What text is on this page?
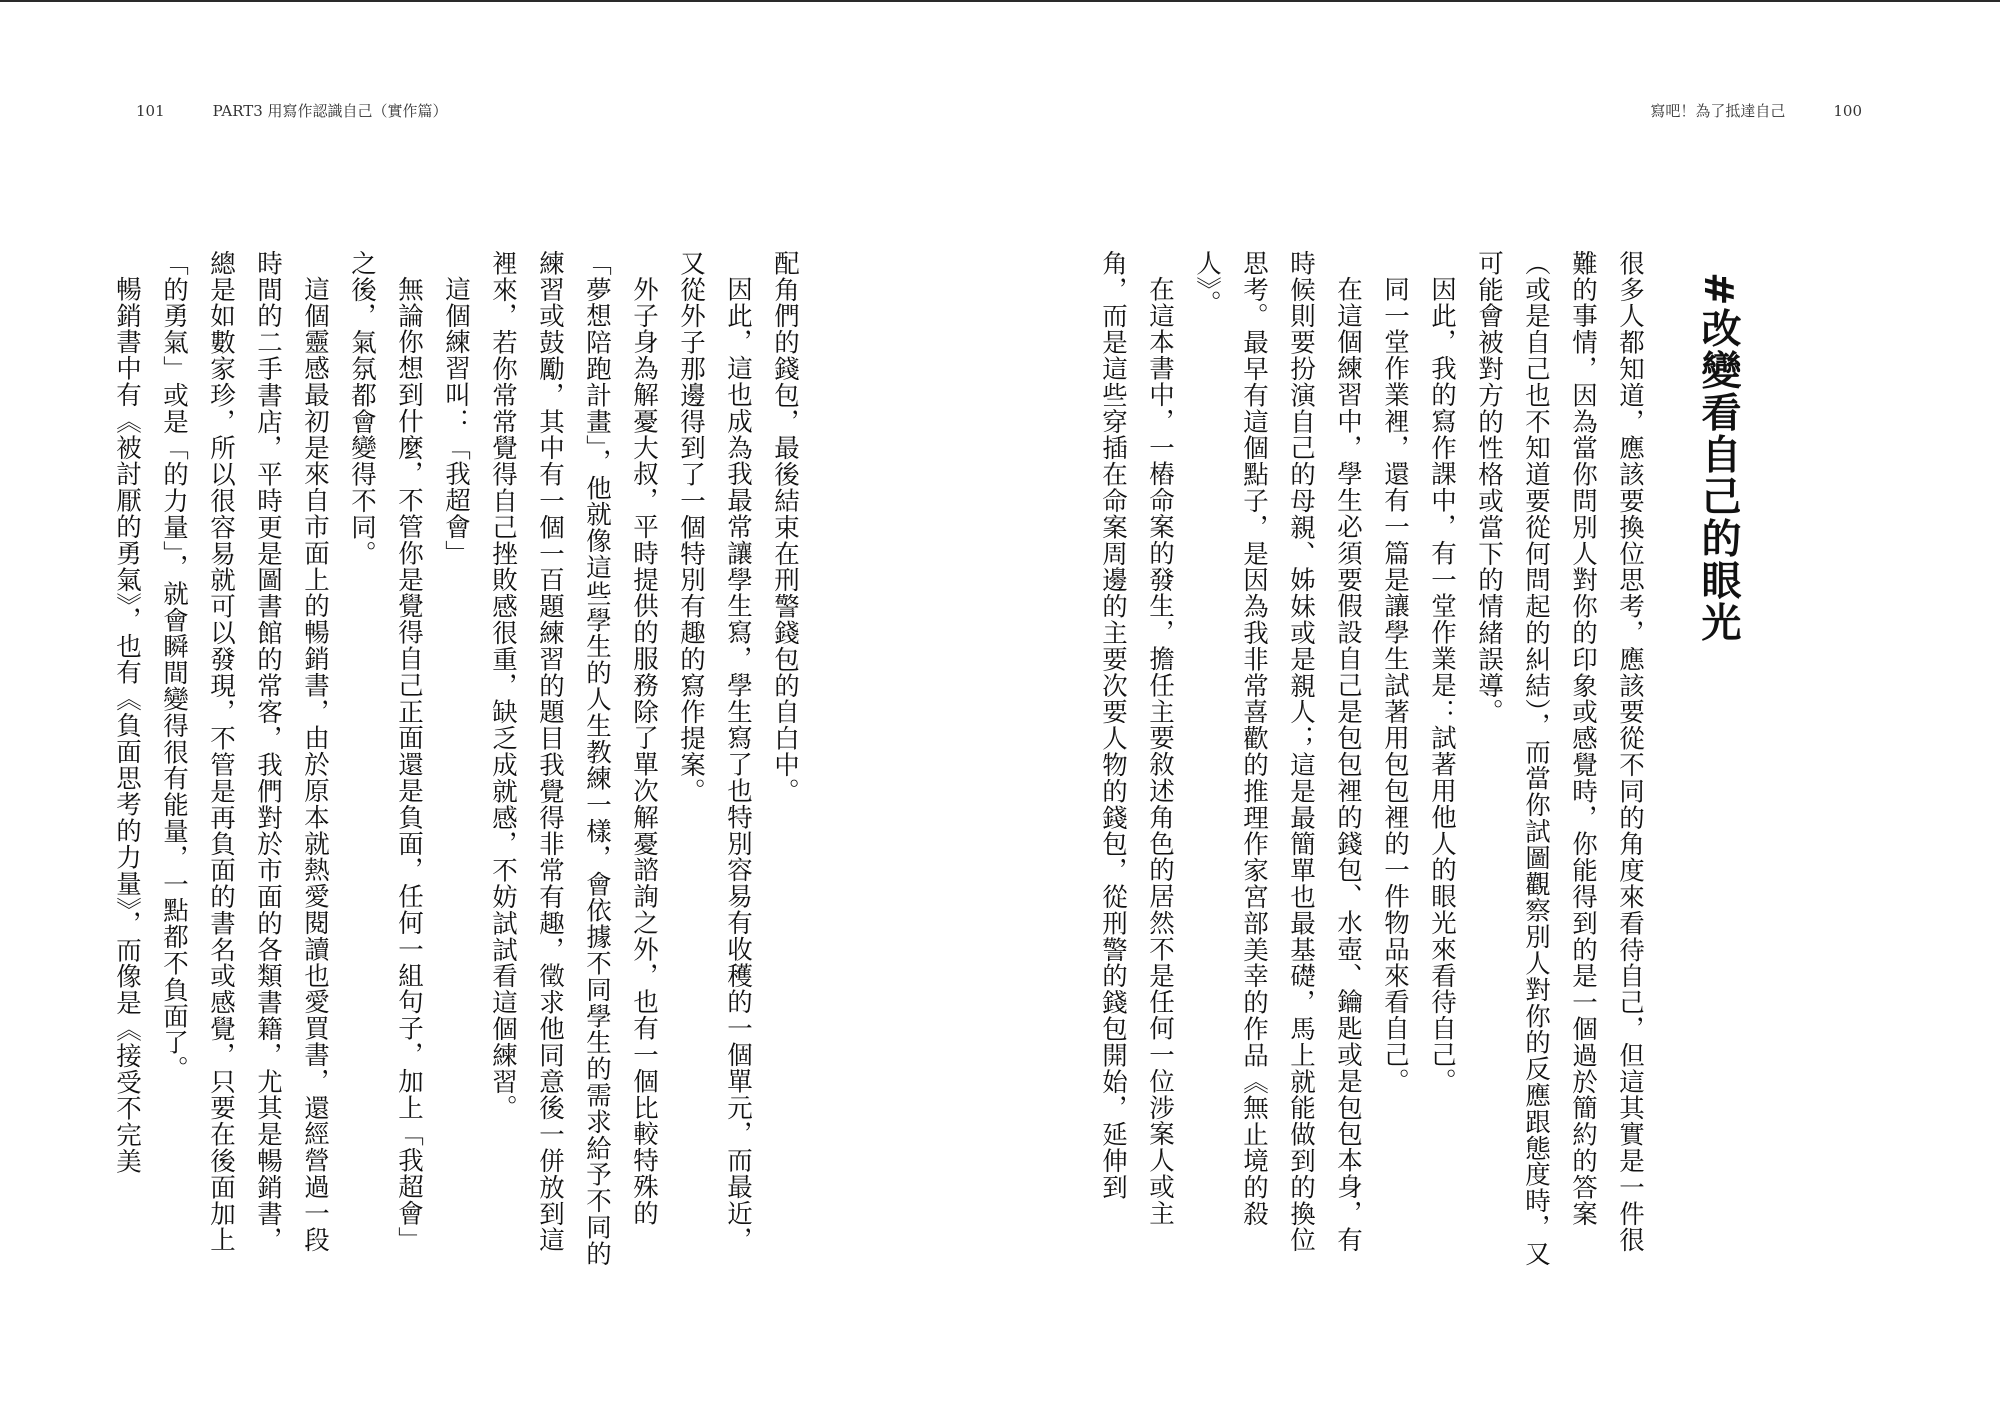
101	PART3 用寫作認識自己（實作篇）	寫吧！為了抵達自己	100
#改變看自己的眼光

很多人都知道，應該要換位思考，應該要從不同的角度來看待自己，但這其實是一件很難的事情，因為當你問別人對你的印象或感覺時，你能得到的是一個過於簡約的答案（或是自己也不知道要從何問起的糾結），而當你試圖觀察別人對你的反應跟態度時，又可能會被對方的性格或當下的情緒誤導。

因此，我的寫作課中，有一堂作業是：試著用他人的眼光來看待自己。

同一堂作業裡，還有一篇是讓學生試著用包包裡的一件物品來看自己。

在這個練習中，學生必須要假設自己是包包裡的錢包、水壺、鑰匙或是包包本身，有時候則要扮演自己的母親、姊妹或是親人；這是最簡單也最基礎，馬上就能做到的換位思考。最早有這個點子，是因為我非常喜歡的推理作家宮部美幸的作品《無止境的殺人》。

在這本書中，一樁命案的發生，擔任主要敘述角色的居然不是任何一位涉案人或主角，而是這些穿插在命案周邊的主要次要人物的錢包，從刑警的錢包開始，延伸到

配角們的錢包，最後結束在刑警錢包的自白中。

因此，這也成為我最常讓學生寫，學生寫了也特別容易有收穫的一個單元，而最近，又從外子那邊得到了一個特別有趣的寫作提案。

外子身為解憂大叔，平時提供的服務除了單次解憂諮詢之外，也有一個比較特殊的「夢想陪跑計畫」，他就像這些學生的人生教練一樣，會依據不同學生的需求給予不同的練習或鼓勵，其中有一個一百題練習的題目我覺得非常有趣，徵求他同意後一併放到這裡來，若你常常覺得自己挫敗感很重，缺乏成就感，不妨試試看這個練習。

這個練習叫：「我超會」

無論你想到什麼，不管你是覺得自己正面還是負面，任何一組句子，加上「我超會」之後，氣氛都會變得不同。

這個靈感最初是來自市面上的暢銷書，由於原本就熱愛閱讀也愛買書，還經營過一段時間的二手書店，平時更是圖書館的常客，我們對於市面的各類書籍，尤其是暢銷書，總是如數家珍，所以很容易就可以發現，不管是再負面的書名或感覺，只要在後面加上「的勇氣」或是「的力量」，就會瞬間變得很有能量，一點都不負面了。

暢銷書中有《被討厭的勇氣》，也有《負面思考的力量》，而像是《接受不完美
